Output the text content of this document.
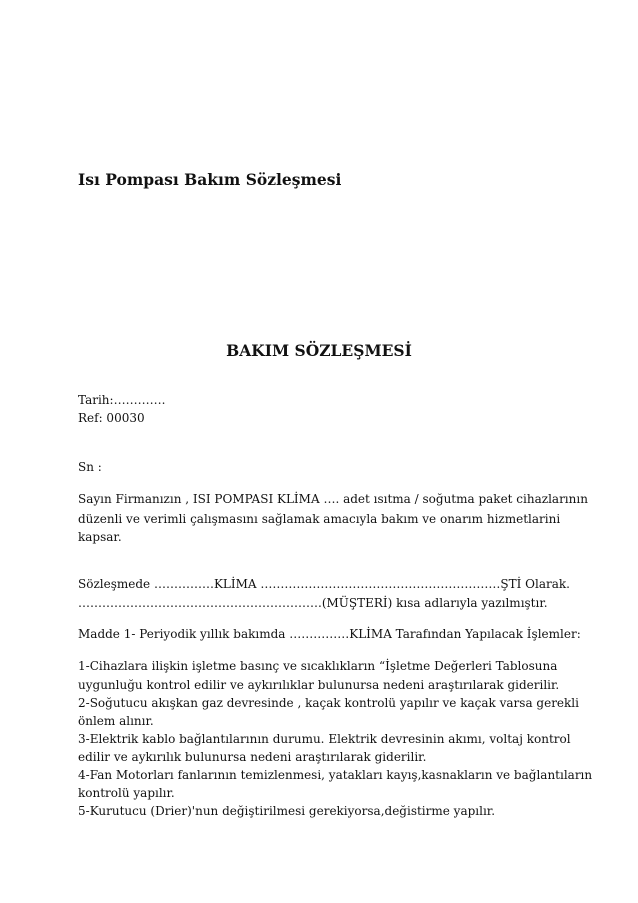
Isı Pompası Bakım Sözleşmesi
BAKIM SÖZLEŞMESİ
Tarih:………….
Ref: 00030
Sn :
Sayın Firmanızın , ISI POMPASI KLİMA …. adet ısıtma / soğutma paket cihazlarının
düzenli ve verimli çalışmasını sağlamak amacıyla bakım ve onarım hizmetlarini
kapsar.
Sözleşmede ……………KLİMA ……………………………………………………ŞTİ Olarak.
…………………………………………………….(MÜŞTERİ) kısa adlarıyla yazılmıştır.
Madde 1- Periyodik yıllık bakımda ……………KLİMA Tarafından Yapılacak İşlemler:
1-Cihazlara ilişkin işletme basınç ve sıcaklıkların “İşletme Değerleri Tablosuna
uygunluğu kontrol edilir ve aykırılıklar bulunursa nedeni araştırılarak giderilir.
2-Soğutucu akışkan gaz devresinde , kaçak kontrolü yapılır ve kaçak varsa gerekli
önlem alınır.
3-Elektrik kablo bağlantılarının durumu. Elektrik devresinin akımı, voltaj kontrol
edilir ve aykırılık bulunursa nedeni araştırılarak giderilir.
4-Fan Motorları fanlarının temizlenmesi, yatakları kayış,kasnakların ve bağlantıların
kontrolü yapılır.
5-Kurutucu (Drier)'nun değiştirilmesi gerekiyorsa,değistirme yapılır.
